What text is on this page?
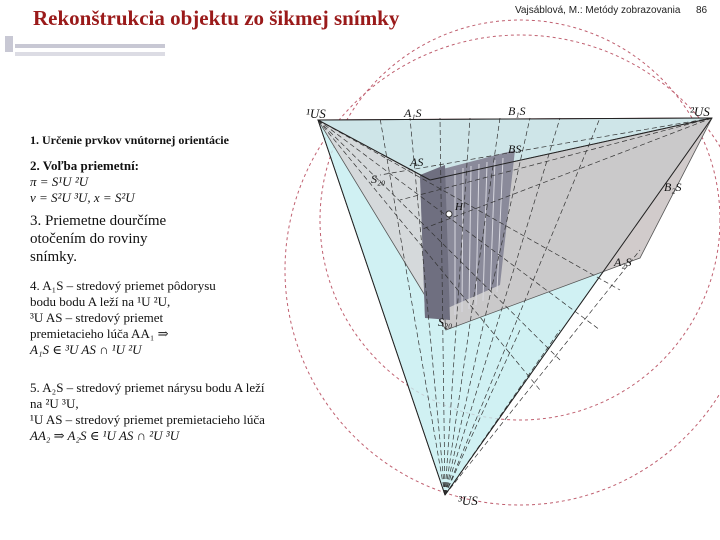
Rekonštrukcia objektu zo šikmej snímky	Vajsáblová, M.: Metódy zobrazovania 86
1. Určenie prvkov vnútornej orientácie
2. Voľba priemetní:
π = S¹U ²U
ν = S²U ³U, x = S²U
3. Priemetne dourčíme
otočením do roviny
snímky.
4. A₁S – stredový priemet pôdorysu
bodu bodu A leží na ¹U ²U,
³U AS – stredový priemet
premietacieho lúča AA₁ ⇒
A₁S ∈ ³U AS ∩ ¹U ²U
5. A₂S – stredový priemet nárysu bodu A leží
na ²U ³U,
¹U AS – stredový priemet premietacieho lúča
AA₂ ⇒ A₂S ∈ ¹U AS ∩ ²U ³U
¹US	²US
³US
A₁S	B₁S
BS
AS
S₂₀
B₂S
H
A₂S
S₂₀
